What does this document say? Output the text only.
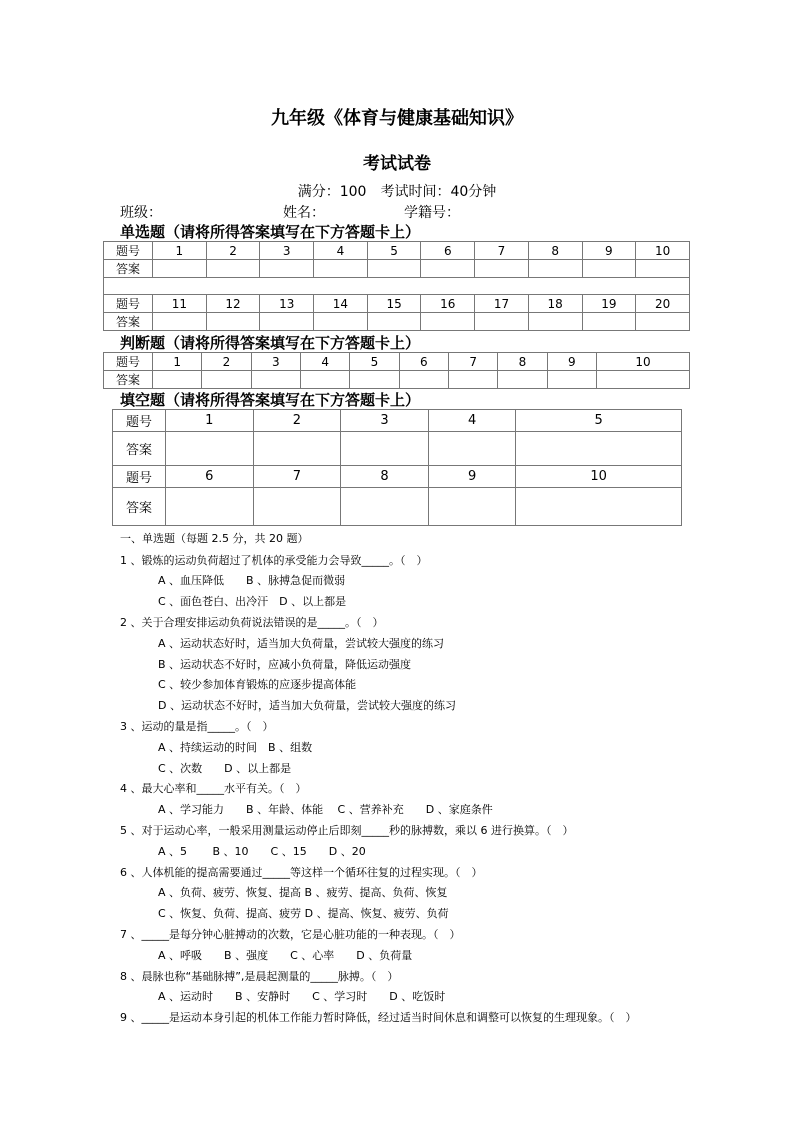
九年级《体育与健康基础知识》
考试试卷
满分：100　考试时间：40分钟
班级：	姓名：	学籍号：
单选题（请将所得答案填写在下方答题卡上）
题号	1	2	3	4	5	6	7	8	9	10
答案										

题号	11	12	13	14	15	16	17	18	19	20
答案										
判断题（请将所得答案填写在下方答题卡上）
题号	1	2	3	4	5	6	7	8	9	10
答案										
填空题（请将所得答案填写在下方答题卡上）
题号	1	2	3	4	5
答案					
题号	6	7	8	9	10
答案					
一、单选题（每题 2.5 分，共 20 题）
1 、锻炼的运动负荷超过了机体的承受能力会导致_____。（　）
A 、血压降低　　B 、脉搏急促而微弱
C 、面色苍白、出冷汗　D 、以上都是
2 、关于合理安排运动负荷说法错误的是_____。（　）
A 、运动状态好时，适当加大负荷量，尝试较大强度的练习
B 、运动状态不好时，应减小负荷量，降低运动强度
C 、较少参加体育锻炼的应逐步提高体能
D 、运动状态不好时，适当加大负荷量，尝试较大强度的练习
3 、运动的量是指_____。（　）
A 、持续运动的时间　B 、组数
C 、次数　　D 、以上都是
4 、最大心率和_____水平有关。（　）
A 、学习能力　　B 、年龄、体能　 C 、营养补充　　D 、家庭条件
5 、对于运动心率，一般采用测量运动停止后即刻_____秒的脉搏数，乘以 6 进行换算。（　）
A 、5　　 B 、10　　C 、15　　D 、20
6 、人体机能的提高需要通过_____等这样一个循环往复的过程实现。（　）
A 、负荷、疲劳、恢复、提高 B 、疲劳、提高、负荷、恢复
C 、恢复、负荷、提高、疲劳 D 、提高、恢复、疲劳、负荷
7 、_____是每分钟心脏搏动的次数，它是心脏功能的一种表现。（　）
A 、呼吸　　B 、强度　　C 、心率　　D 、负荷量
8 、晨脉也称“基础脉搏”,是晨起测量的_____脉搏。（　）
A 、运动时　　B 、安静时　　C 、学习时　　D 、吃饭时
9 、_____是运动本身引起的机体工作能力暂时降低，经过适当时间休息和调整可以恢复的生理现象。（　）
